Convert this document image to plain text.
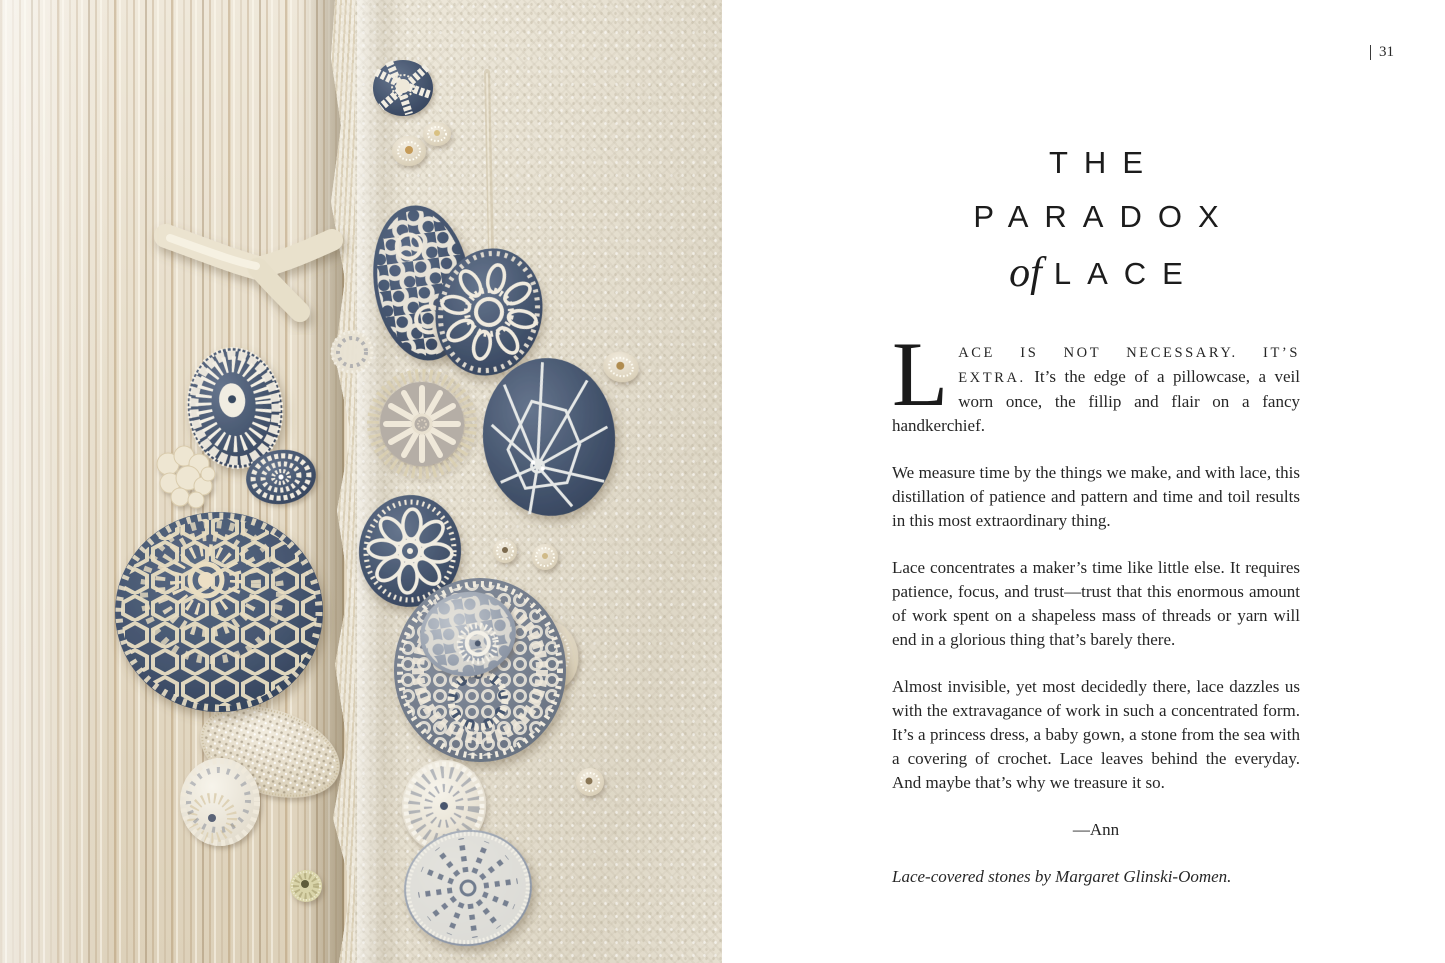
31
THE
PARADOX
of LACE

LACE IS NOT NECESSARY. IT’S EXTRA. It’s the edge of a pillowcase, a veil worn once, the fillip and flair on a fancy handkerchief.

We measure time by the things we make, and with lace, this distillation of patience and pattern and time and toil results in this most extraordinary thing.

Lace concentrates a maker’s time like little else. It requires patience, focus, and trust—trust that this enormous amount of work spent on a shapeless mass of threads or yarn will end in a glorious thing that’s barely there.

Almost invisible, yet most decidedly there, lace dazzles us with the extravagance of work in such a concentrated form. It’s a princess dress, a baby gown, a stone from the sea with a covering of crochet. Lace leaves behind the everyday. And maybe that’s why we treasure it so.

—Ann

Lace-covered stones by Margaret Glinski-Oomen.
